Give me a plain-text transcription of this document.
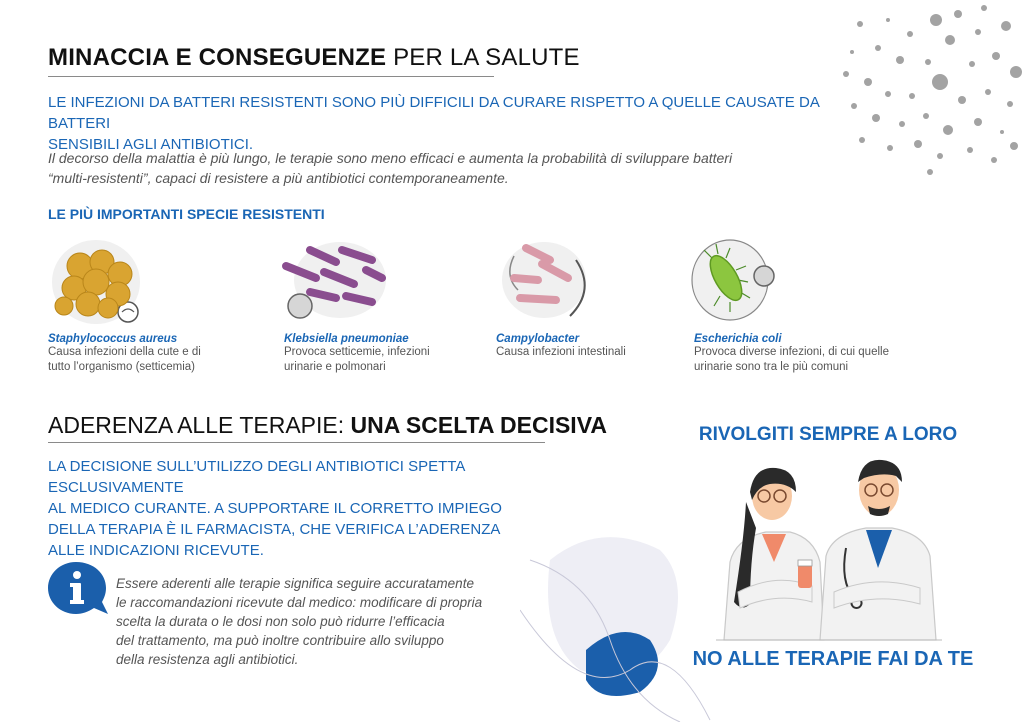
MINACCIA E CONSEGUENZE PER LA SALUTE
LE INFEZIONI DA BATTERI RESISTENTI SONO PIÙ DIFFICILI DA CURARE RISPETTO A QUELLE CAUSATE DA BATTERI
SENSIBILI AGLI ANTIBIOTICI.
Il decorso della malattia è più lungo, le terapie sono meno efficaci e aumenta la probabilità di sviluppare batteri
“multi-resistenti”, capaci di resistere a più antibiotici contemporaneamente.
LE PIÙ IMPORTANTI SPECIE RESISTENTI
Staphylococcus aureus
Causa infezioni della cute e di
tutto l’organismo (setticemia)
Klebsiella pneumoniae
Provoca setticemie, infezioni
urinarie e polmonari
Campylobacter
Causa infezioni intestinali
Escherichia coli
Provoca diverse infezioni, di cui quelle
urinarie sono tra le più comuni
ADERENZA ALLE TERAPIE: UNA SCELTA DECISIVA
LA DECISIONE SULL’UTILIZZO DEGLI ANTIBIOTICI SPETTA ESCLUSIVAMENTE
AL MEDICO CURANTE. A SUPPORTARE IL CORRETTO IMPIEGO
DELLA TERAPIA È IL FARMACISTA, CHE VERIFICA L’ADERENZA
ALLE INDICAZIONI RICEVUTE.
Essere aderenti alle terapie significa seguire accuratamente
le raccomandazioni ricevute dal medico: modificare di propria
scelta la durata o le dosi non solo può ridurre l’efficacia
del trattamento, ma può inoltre contribuire allo sviluppo
della resistenza agli antibiotici.
RIVOLGITI SEMPRE A LORO
NO ALLE TERAPIE FAI DA TE
